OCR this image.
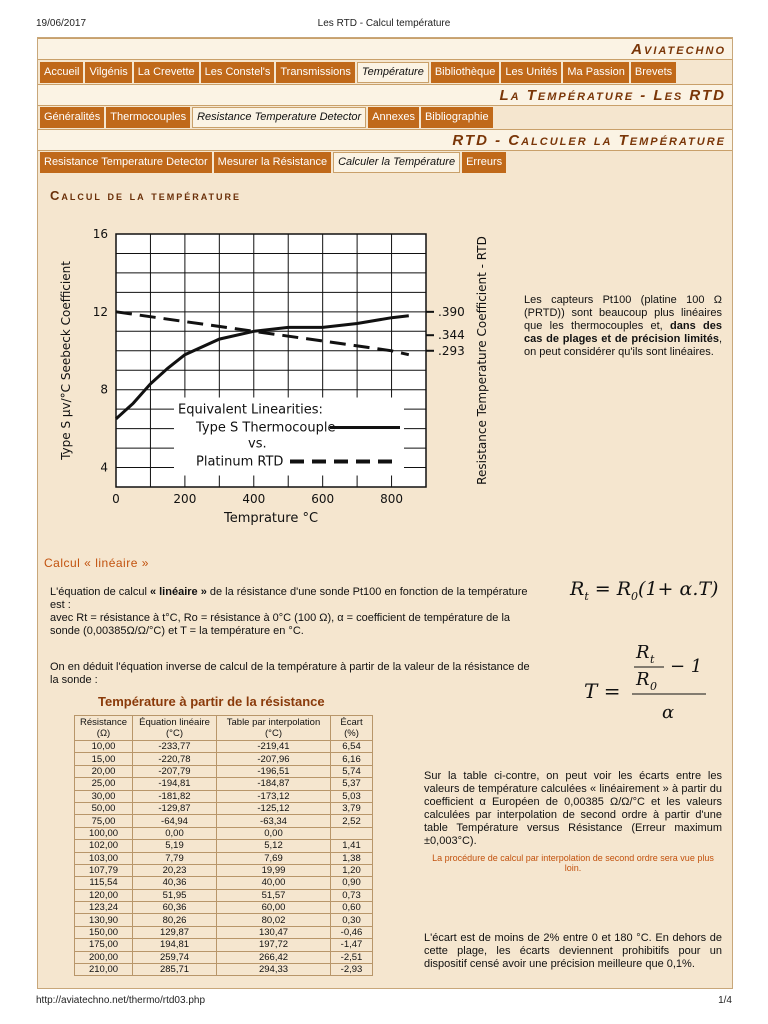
19/06/2017	Les RTD - Calcul température
Aviatechno
Accueil Vilgénis La Crevette Les Constel's Transmissions	Température	Bibliothèque Les Unités Ma Passion Brevets
La Température - Les RTD
Généralités Thermocouples	Resistance Temperature Detector	Annexes Bibliographie
RTD - Calculer la Température
Resistance Temperature Detector Mesurer la Résistance	Calculer la Température	Erreurs
Calcul de la température
0	200	400	600	800
4
8
12
16
.390
.344
.293
Temprature °C
Type S μv/°C Seebeck Coefficient	Resistance Temperature Coefficient - RTD
Equivalent Linearities:
Type S Thermocouple
vs.
Platinum RTD

Les capteurs Pt100 (platine 100 Ω (PRTD)) sont beaucoup plus linéaires que les thermocouples et, dans des cas de plages et de précision limités, on peut considérer qu'ils sont linéaires.

Calcul « linéaire »

L'équation de calcul « linéaire » de la résistance d'une sonde Pt100 en fonction de la température est :
avec Rt = résistance à t°C, Ro = résistance à 0°C (100 Ω), α = coefficient de température de la sonde (0,00385Ω/Ω/°C) et T = la température en °C.

On en déduit l'équation inverse de calcul de la température à partir de la valeur de la résistance de la sonde :

$R_t = R_0(1+ \alpha.T)$
T =
R t
R 0
− 1
α
Température à partir de la résistance
Résistance (Ω)	Équation linéaire (°C)	Table par interpolation (°C)	Écart (%)
10,00	-233,77	-219,41	6,54
15,00	-220,78	-207,96	6,16
20,00	-207,79	-196,51	5,74
25,00	-194,81	-184,87	5,37
30,00	-181,82	-173,12	5,03
50,00	-129,87	-125,12	3,79
75,00	-64,94	-63,34	2,52
100,00	0,00	0,00	
102,00	5,19	5,12	1,41
103,00	7,79	7,69	1,38
107,79	20,23	19,99	1,20
115,54	40,36	40,00	0,90
120,00	51,95	51,57	0,73
123,24	60,36	60,00	0,60
130,90	80,26	80,02	0,30
150,00	129,87	130,47	-0,46
175,00	194,81	197,72	-1,47
200,00	259,74	266,42	-2,51
210,00	285,71	294,33	-2,93

Sur la table ci-contre, on peut voir les écarts entre les valeurs de température calculées « linéairement » à partir du coefficient α Européen de 0,00385 Ω/Ω/°C et les valeurs calculées par interpolation de second ordre à partir d'une table Température versus Résistance (Erreur maximum ±0,003°C).

La procédure de calcul par interpolation de second ordre sera vue plus loin.

L'écart est de moins de 2% entre 0 et 180 °C. En dehors de cette plage, les écarts deviennent prohibitifs pour un dispositif censé avoir une précision meilleure que 0,1%.

http://aviatechno.net/thermo/rtd03.php	1/4
